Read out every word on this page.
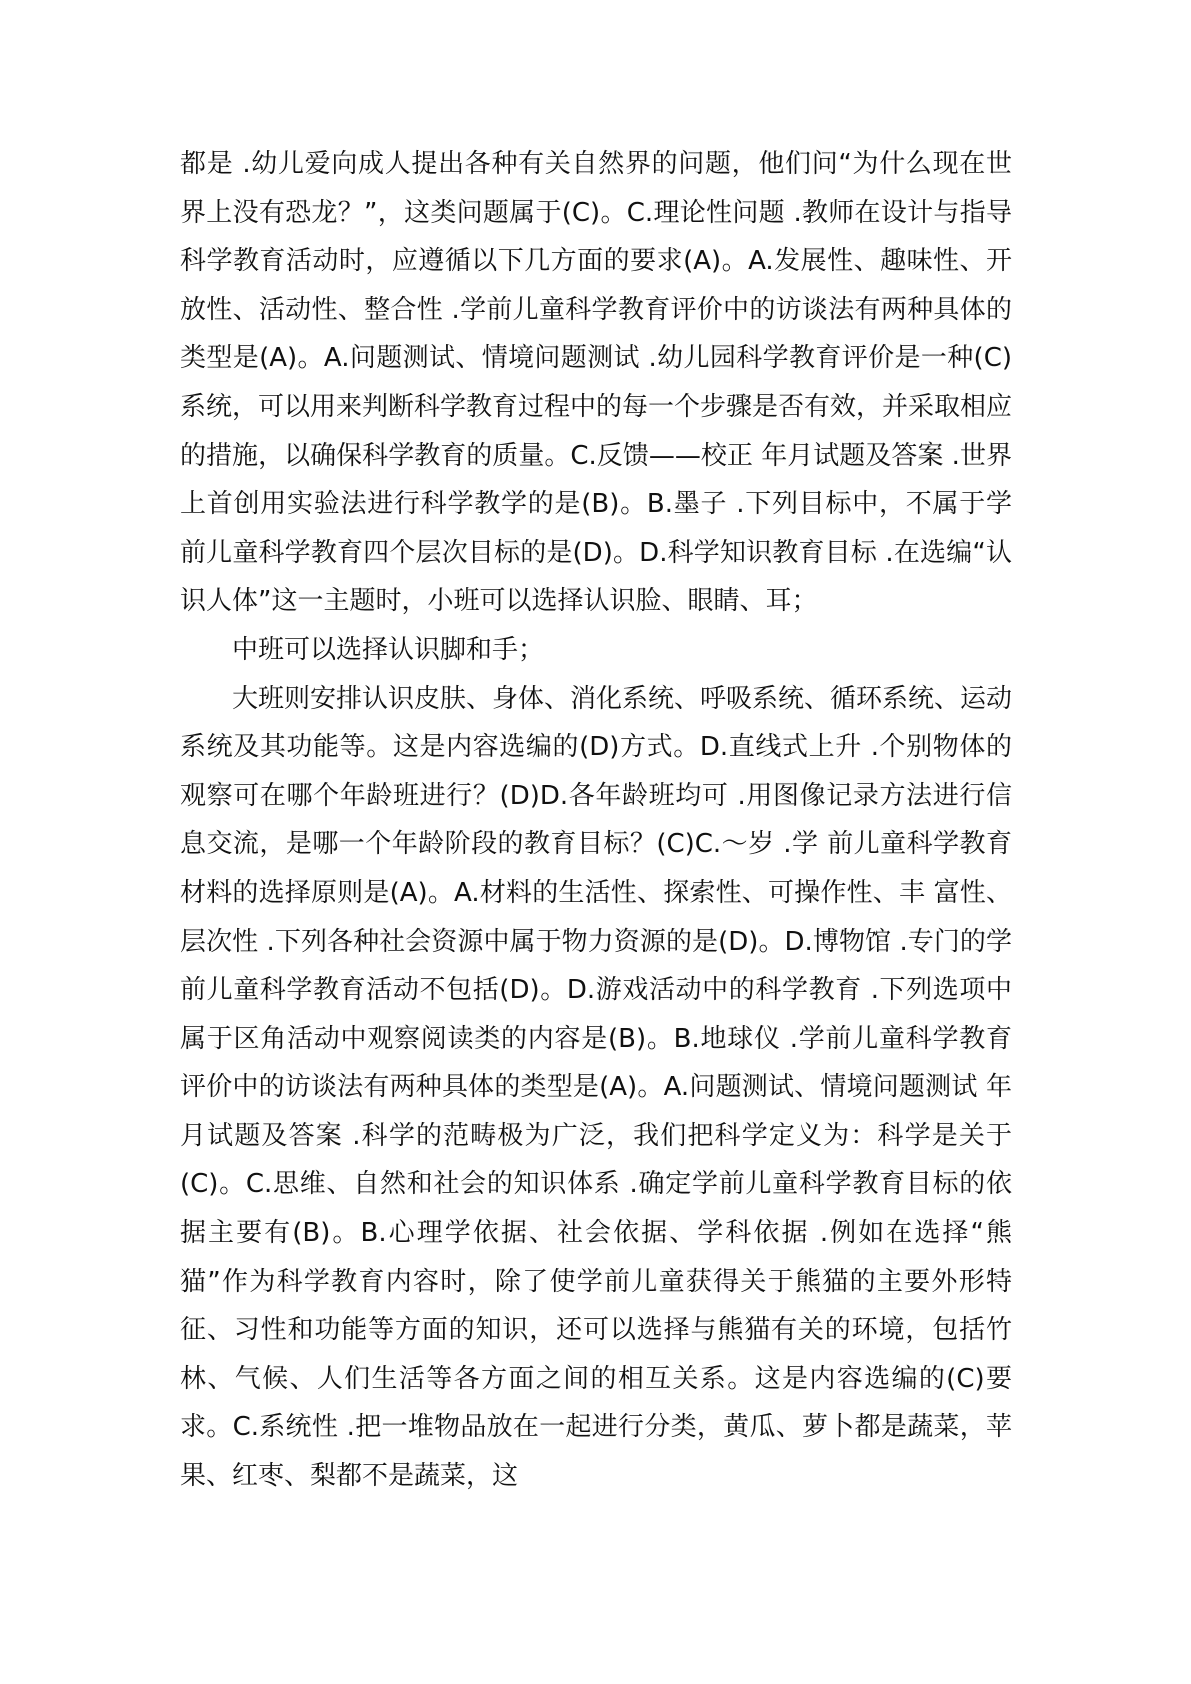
都是 .幼儿爱向成人提出各种有关自然界的问题，他们问“为什么现在世界上没有恐龙？”，这类问题属于(C)。C.理论性问题 .教师在设计与指导科学教育活动时，应遵循以下几方面的要求(A)。A.发展性、趣味性、开放性、活动性、整合性 .学前儿童科学教育评价中的访谈法有两种具体的类型是(A)。A.问题测试、情境问题测试 .幼儿园科学教育评价是一种(C)系统，可以用来判断科学教育过程中的每一个步骤是否有效，并采取相应的措施，以确保科学教育的质量。C.反馈——校正 年月试题及答案 .世界上首创用实验法进行科学教学的是(B)。B.墨子 .下列目标中，不属于学前儿童科学教育四个层次目标的是(D)。D.科学知识教育目标 .在选编“认识人体”这一主题时，小班可以选择认识脸、眼睛、耳；

中班可以选择认识脚和手；

大班则安排认识皮肤、身体、消化系统、呼吸系统、循环系统、运动系统及其功能等。这是内容选编的(D)方式。D.直线式上升 .个别物体的观察可在哪个年龄班进行？(D)D.各年龄班均可 .用图像记录方法进行信息交流，是哪一个年龄阶段的教育目标？(C)C.～岁 .学 前儿童科学教育材料的选择原则是(A)。A.材料的生活性、探索性、可操作性、丰 富性、层次性 .下列各种社会资源中属于物力资源的是(D)。D.博物馆 .专门的学前儿童科学教育活动不包括(D)。D.游戏活动中的科学教育 .下列选项中属于区角活动中观察阅读类的内容是(B)。B.地球仪 .学前儿童科学教育评价中的访谈法有两种具体的类型是(A)。A.问题测试、情境问题测试 年月试题及答案 .科学的范畴极为广泛，我们把科学定义为：科学是关于(C)。C.思维、自然和社会的知识体系 .确定学前儿童科学教育目标的依据主要有(B)。B.心理学依据、社会依据、学科依据 .例如在选择“熊猫”作为科学教育内容时，除了使学前儿童获得关于熊猫的主要外形特征、习性和功能等方面的知识，还可以选择与熊猫有关的环境，包括竹林、气候、人们生活等各方面之间的相互关系。这是内容选编的(C)要求。C.系统性 .把一堆物品放在一起进行分类，黄瓜、萝卜都是蔬菜，苹果、红枣、梨都不是蔬菜，这
